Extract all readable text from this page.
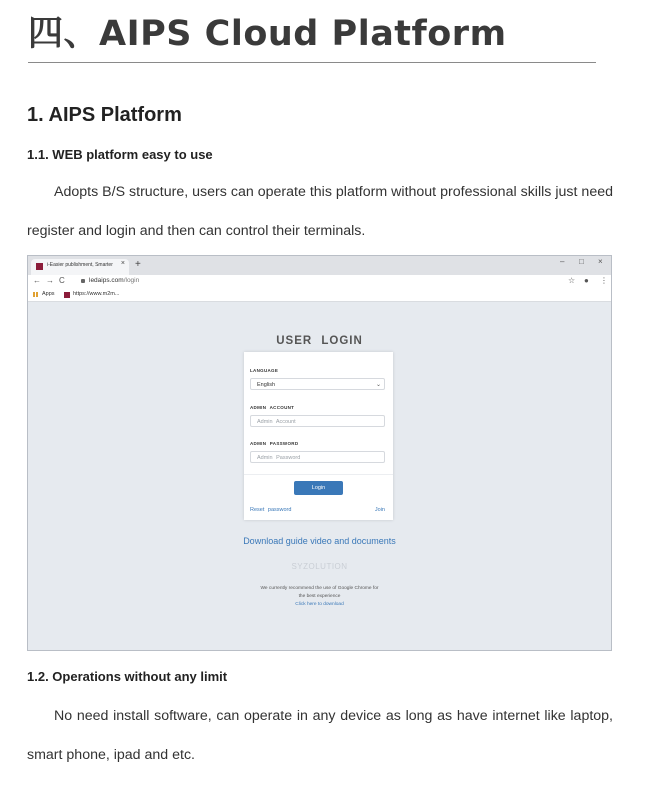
四、AIPS Cloud Platform
1. AIPS Platform
1.1. WEB platform easy to use
Adopts B/S structure, users can operate this platform without professional skills just need register and login and then can control their terminals.
i-Easier publishment, Smarter × +	– □ ×
← → C	ledaips.com/login	☆ ● ⋮
Apps	https://www.m2m...
USER LOGIN
LANGUAGE
English	⌄
ADMIN ACCOUNT
Admin Account
ADMIN PASSWORD
Admin Password
Login
Reset password	Join
Download guide video and documents
SYZOLUTION
We currently recommend the use of Google Chrome for
the best experience
Click here to download
1.2. Operations without any limit
No need install software, can operate in any device as long as have internet like laptop, smart phone, ipad and etc.
